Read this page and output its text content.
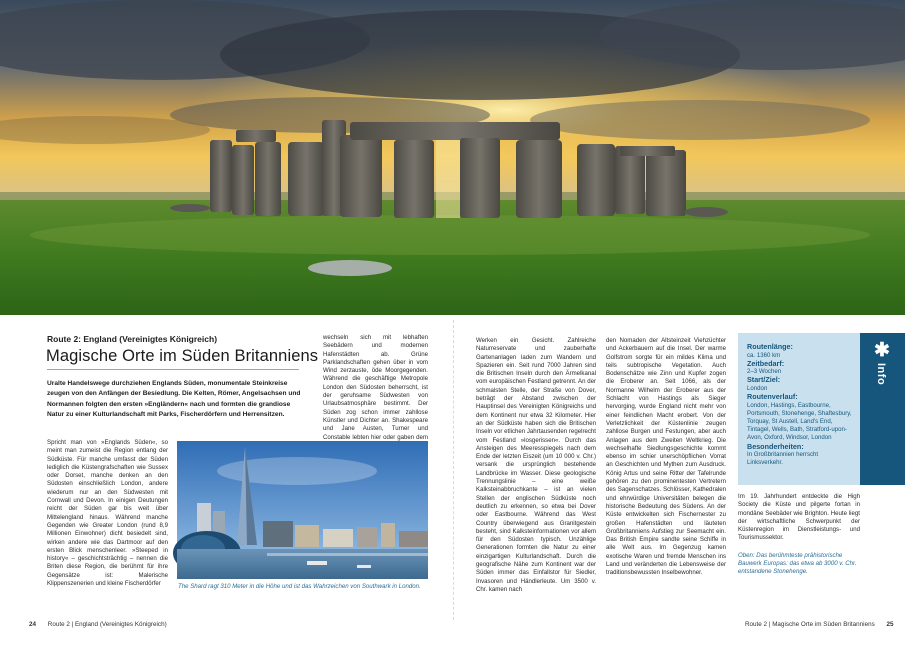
Route 2: England (Vereinigtes Königreich)
Magische Orte im Süden Britanniens

Uralte Handelswege durchziehen Englands Süden, monumentale Steinkreise zeugen von den Anfängen der Besiedlung. Die Kelten, Römer, Angelsachsen und Normannen folgten den ersten »Engländern« nach und formten die grandiose Natur zu einer Kulturlandschaft mit Parks, Fischerdörfern und Herrensitzen.

Spricht man von »Englands Süden«, so meint man zumeist die Region entlang der Südküste. Für manche umfasst der Süden lediglich die Küstengrafschaften wie Sussex oder Dorset, manche denken an den Südosten einschließlich London, andere wiederum nur an den Südwesten mit Cornwall und Devon. In einigen Deutungen reicht der Süden gar bis weit über Mittelengland hinaus. Während manche Gegenden wie Greater London (rund 8,9 Millionen Einwohner) dicht besiedelt sind, wirken andere wie das Dartmoor auf den ersten Blick menschenleer. »Steeped in history« – geschichtsträchtig – nennen die Briten diese Region, die berühmt für ihre Gegensätze ist: Malerische Klippenszenerien und kleine Fischerdörfer

wechseln sich mit lebhaften Seebädern und modernen Hafenstädten ab. Grüne Parklandschaften gehen über in vom Wind zerzauste, öde Moorgegenden. Während die geschäftige Metropole London den Südosten beherrscht, ist der geruhsame Südwesten von Urlaubsatmosphäre bestimmt. Der Süden zog schon immer zahllose Künstler und Dichter an. Shakespeare und Jane Austen, Turner und Constable lebten hier oder gaben dem

The Shard ragt 310 Meter in die Höhe und ist das Wahrzeichen von Southwark in London.

Werken ein Gesicht. Zahlreiche Naturreservate und zauberhafte Gartenanlagen laden zum Wandern und Spazieren ein. Seit rund 7000 Jahren sind die Britischen Inseln durch den Ärmelkanal vom europäischen Festland getrennt. An der schmalsten Stelle, der Straße von Dover, beträgt der Abstand zwischen der Hauptinsel des Vereinigten Königreichs und dem Kontinent nur etwa 32 Kilometer. Hier an der Südküste haben sich die Britischen Inseln vor etlichen Jahrtausenden regelrecht vom Festland »losgerissen«. Durch das Ansteigen des Meeresspiegels nach dem Ende der letzten Eiszeit (um 10 000 v. Chr.) versank die ursprünglich bestehende Landbrücke im Wasser. Diese geologische Trennungslinie – eine weiße Kalksteinabbruchkante – ist an vielen Stellen der englischen Südküste noch deutlich zu erkennen, so etwa bei Dover oder Eastbourne. Während das West Country überwiegend aus Granitgestein besteht, sind Kalksteinformationen vor allem für den Südosten typisch. Unzählige Generationen formten die Natur zu einer einzigartigen Kulturlandschaft. Durch die geografische Nähe zum Kontinent war der Süden immer das Einfallstor für Siedler, Invasoren und Händlerleute. Um 3500 v. Chr. kamen nach

den Nomaden der Altsteinzeit Viehzüchter und Ackerbauern auf die Insel. Der warme Golfstrom sorgte für ein mildes Klima und teils subtropische Vegetation. Auch Bodenschätze wie Zinn und Kupfer zogen die Eroberer an. Seit 1066, als der Normanne Wilhelm der Eroberer aus der Schlacht von Hastings als Sieger hervorging, wurde England nicht mehr von einer feindlichen Macht erobert. Von der Verletzlichkeit der Küstenlinie zeugen zahllose Burgen und Festungen, aber auch Anlagen aus dem Zweiten Weltkrieg. Die wechselhafte Siedlungsgeschichte kommt ebenso im schier unerschöpflichen Vorrat an Geschichten und Mythen zum Ausdruck. König Artus und seine Ritter der Tafelrunde gehören zu den prominentesten Vertretern des Sagenschatzes. Schlösser, Kathedralen und ehrwürdige Universitäten belegen die historische Bedeutung des Südens. An der Küste entwickelten sich Fischernester zu großen Hafenstädten und läuteten Großbritanniens Aufstieg zur Seemacht ein. Das British Empire sandte seine Schiffe in alle Welt aus. Im Gegenzug kamen exotische Waren und fremde Menschen ins Land und veränderten die Lebensweise der traditionsbewussten Inselbewohner.

Routenlänge:
ca. 1360 km
Zeitbedarf:
2–3 Wochen
Start/Ziel:
London
Routenverlauf:
London, Hastings, Eastbourne, Portsmouth, Stonehenge, Shaftesbury, Torquay, St Austell, Land's End, Tintagel, Wells, Bath, Stratford-upon-Avon, Oxford, Windsor, London
Besonderheiten:
In Großbritannien herrscht Linksverkehr.
✱
Info

Im 19. Jahrhundert entdeckte die High Society die Küste und pilgerte fortan in mondäne Seebäder wie Brighton. Heute liegt der wirtschaftliche Schwerpunkt der Küstenregion im Dienstleistungs- und Tourismussektor.

Oben: Das berühmteste prähistorische Bauwerk Europas: das etwa ab 3000 v. Chr. entstandene Stonehenge.

24 Route 2 | England (Vereinigtes Königreich)	Route 2 | Magische Orte im Süden Britanniens 25
